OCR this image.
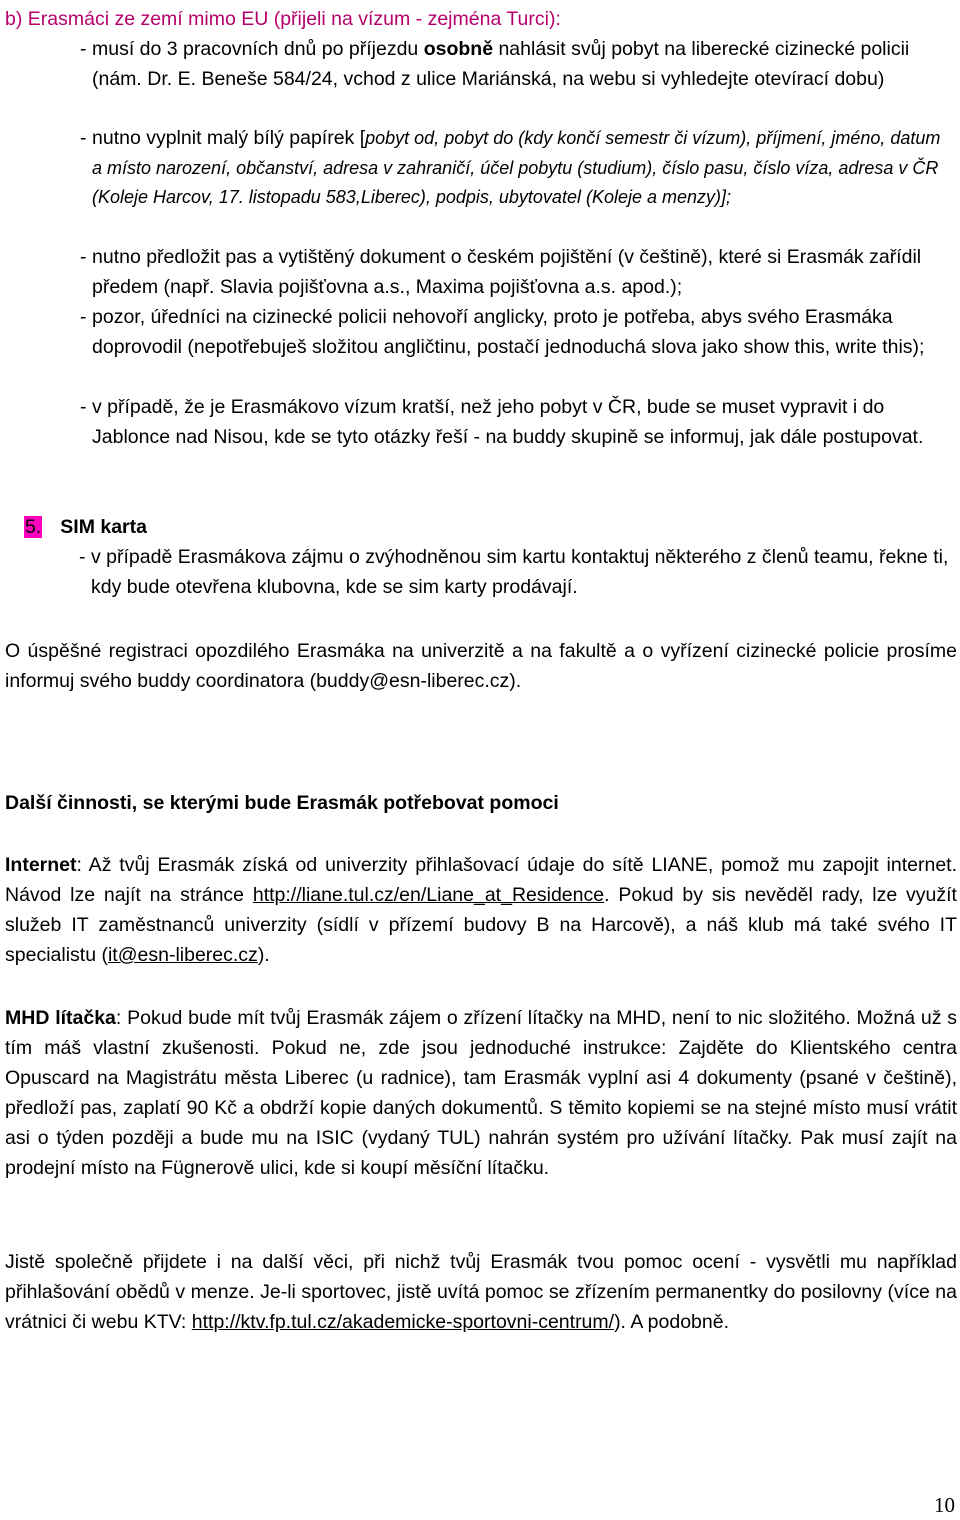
b) Erasmáci ze zemí mimo EU (přijeli na vízum - zejména Turci):
- musí do 3 pracovních dnů po příjezdu osobně nahlásit svůj pobyt na liberecké cizinecké policii (nám. Dr. E. Beneše 584/24, vchod z ulice Mariánská, na webu si vyhledejte otevírací dobu)
- nutno vyplnit malý bílý papírek [pobyt od, pobyt do (kdy končí semestr či vízum), příjmení, jméno, datum a místo narození, občanství, adresa v zahraničí, účel pobytu (studium), číslo pasu, číslo víza, adresa v ČR (Koleje Harcov, 17. listopadu 583,Liberec), podpis, ubytovatel (Koleje a menzy)];
- nutno předložit pas a vytištěný dokument o českém pojištění (v češtině), které si Erasmák zařídil předem (např. Slavia pojišťovna a.s., Maxima pojišťovna a.s. apod.);
- pozor, úředníci na cizinecké policii nehovoří anglicky, proto je potřeba, abys svého Erasmáka doprovodil (nepotřebuješ složitou angličtinu, postačí jednoduchá slova jako show this, write this);
- v případě, že je Erasmákovo vízum kratší, než jeho pobyt v ČR, bude se muset vypravit i do Jablonce nad Nisou, kde se tyto otázky řeší - na buddy skupině se informuj, jak dále postupovat.
5. SIM karta
- v případě Erasmákova zájmu o zvýhodněnou sim kartu kontaktuj některého z členů teamu, řekne ti, kdy bude otevřena klubovna, kde se sim karty prodávají.

O úspěšné registraci opozdilého Erasmáka na univerzitě a na fakultě a o vyřízení cizinecké policie prosíme informuj svého buddy coordinatora (buddy@esn-liberec.cz).

Další činnosti, se kterými bude Erasmák potřebovat pomoci

Internet: Až tvůj Erasmák získá od univerzity přihlašovací údaje do sítě LIANE, pomož mu zapojit internet. Návod lze najít na stránce http://liane.tul.cz/en/Liane_at_Residence. Pokud by sis nevěděl rady, lze využít služeb IT zaměstnanců univerzity (sídlí v přízemí budovy B na Harcově), a náš klub má také svého IT specialistu (it@esn-liberec.cz).

MHD lítačka: Pokud bude mít tvůj Erasmák zájem o zřízení lítačky na MHD, není to nic složitého. Možná už s tím máš vlastní zkušenosti. Pokud ne, zde jsou jednoduché instrukce: Zajděte do Klientského centra Opuscard na Magistrátu města Liberec (u radnice), tam Erasmák vyplní asi 4 dokumenty (psané v češtině), předloží pas, zaplatí 90 Kč a obdrží kopie daných dokumentů. S těmito kopiemi se na stejné místo musí vrátit asi o týden později a bude mu na ISIC (vydaný TUL) nahrán systém pro užívání lítačky. Pak musí zajít na prodejní místo na Fügnerově ulici, kde si koupí měsíční lítačku.

Jistě společně přijdete i na další věci, při nichž tvůj Erasmák tvou pomoc ocení - vysvětli mu například přihlašování obědů v menze. Je-li sportovec, jistě uvítá pomoc se zřízením permanentky do posilovny (více na vrátnici či webu KTV: http://ktv.fp.tul.cz/akademicke-sportovni-centrum/). A podobně.

10
